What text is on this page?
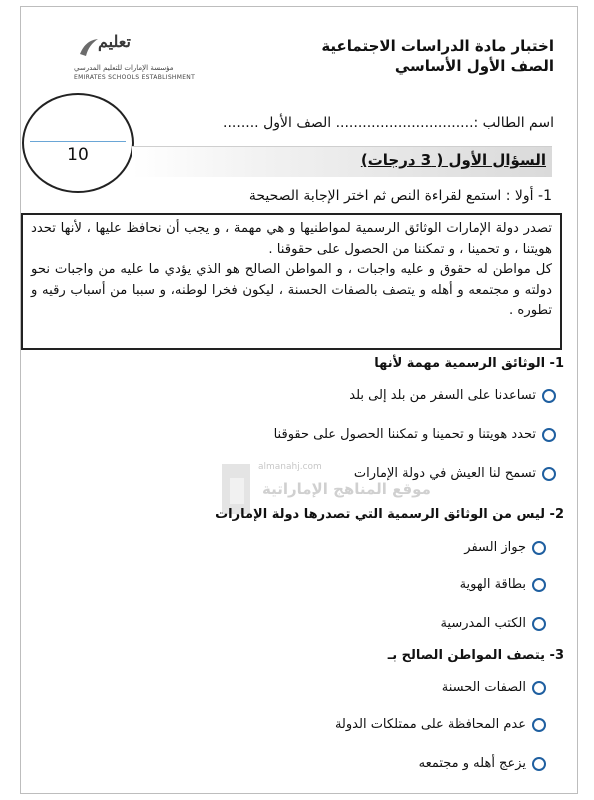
اختبار مادة الدراسات الاجتماعية
الصف الأول الأساسي
تعليم
مؤسسة الإمارات للتعليم المدرسي
EMIRATES SCHOOLS ESTABLISHMENT
اسم الطالب :............................... الصف الأول ........
10	السؤال الأول ( 3 درجات)
1- أولا : استمع لقراءة النص ثم اختر الإجابة الصحيحة

تصدر دولة الإمارات الوثائق الرسمية لمواطنيها و هي مهمة ، و يجب أن نحافظ عليها ، لأنها تحدد هويتنا ، و تحمينا ، و تمكننا من الحصول على حقوقنا .

كل مواطن له حقوق و عليه واجبات ، و المواطن الصالح هو الذي يؤدي ما عليه من واجبات نحو دولته و مجتمعه و أهله و يتصف بالصفات الحسنة ، ليكون فخرا لوطنه، و سببا من أسباب رقيه و تطوره .

1- الوثائق الرسمية مهمة لأنها
تساعدنا على السفر من بلد إلى بلد
تحدد هويتنا و تحمينا و تمكننا الحصول على حقوقنا
تسمح لنا العيش في دولة الإمارات
almanahj.com
موقع المناهج الإماراتية
2- ليس من الوثائق الرسمية التي تصدرها دولة الإمارات
جواز السفر
بطاقة الهوية
الكتب المدرسية
3- يتصف المواطن الصالح بـ
الصفات الحسنة
عدم المحافظة على ممتلكات الدولة
يزعج أهله و مجتمعه
